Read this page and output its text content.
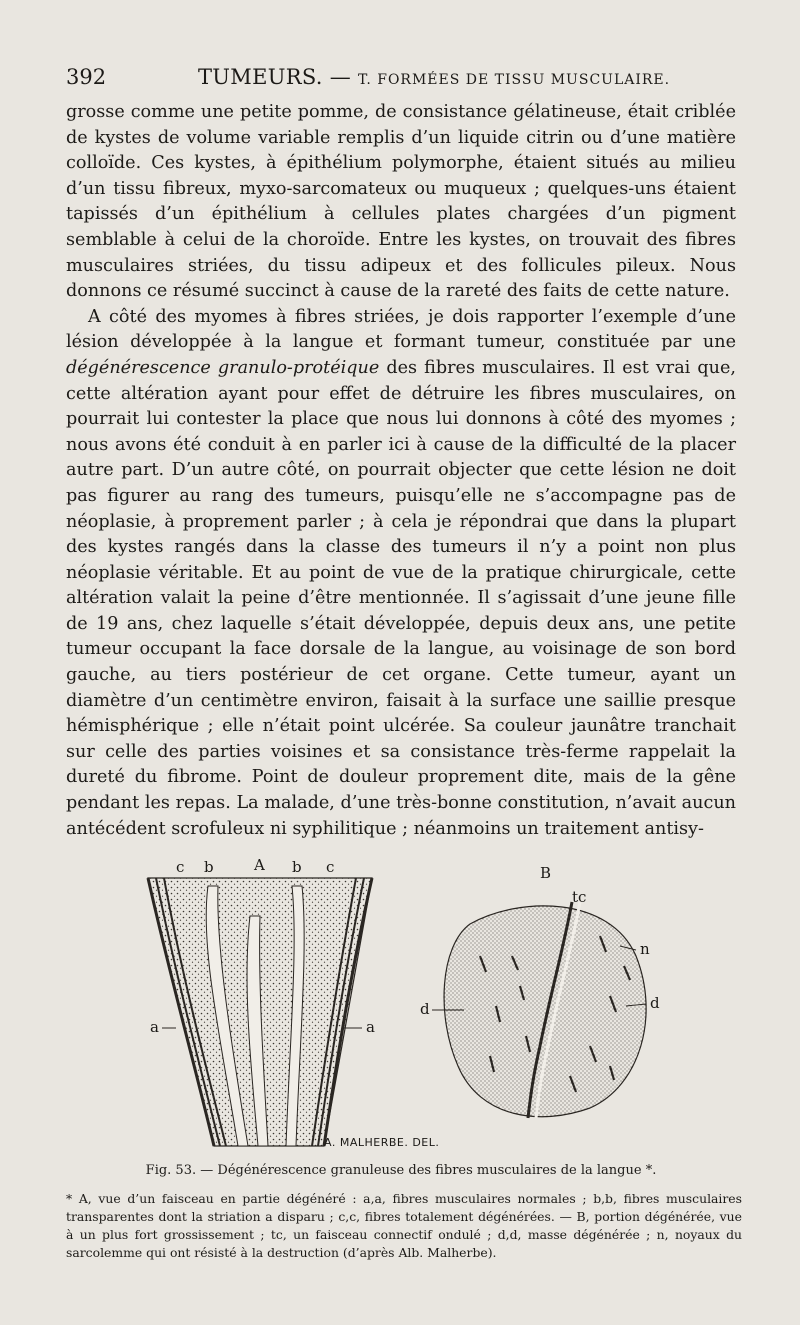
392	TUMEURS. — T. FORMÉES DE TISSU MUSCULAIRE.

grosse comme une petite pomme, de consistance gélatineuse, était criblée de kystes de volume variable remplis d’un liquide citrin ou d’une matière colloïde. Ces kystes, à épithélium polymorphe, étaient situés au milieu d’un tissu fibreux, myxo-sarcomateux ou muqueux ; quelques-uns étaient tapissés d’un épithélium à cellules plates chargées d’un pigment semblable à celui de la choroïde. Entre les kystes, on trouvait des fibres musculaires striées, du tissu adipeux et des follicules pileux. Nous donnons ce résumé succinct à cause de la rareté des faits de cette nature.

A côté des myomes à fibres striées, je dois rapporter l’exemple d’une lésion développée à la langue et formant tumeur, constituée par une dégénérescence granulo-protéique des fibres musculaires. Il est vrai que, cette altération ayant pour effet de détruire les fibres musculaires, on pourrait lui contester la place que nous lui donnons à côté des myomes ; nous avons été conduit à en parler ici à cause de la difficulté de la placer autre part. D’un autre côté, on pourrait objecter que cette lésion ne doit pas figurer au rang des tumeurs, puisqu’elle ne s’accompagne pas de néoplasie, à proprement parler ; à cela je répondrai que dans la plupart des kystes rangés dans la classe des tumeurs il n’y a point non plus néoplasie véritable. Et au point de vue de la pratique chirurgicale, cette altération valait la peine d’être mentionnée. Il s’agissait d’une jeune fille de 19 ans, chez laquelle s’était développée, depuis deux ans, une petite tumeur occupant la face dorsale de la langue, au voisinage de son bord gauche, au tiers postérieur de cet organe. Cette tumeur, ayant un diamètre d’un centimètre environ, faisait à la surface une saillie presque hémisphérique ; elle n’était point ulcérée. Sa couleur jaunâtre tranchait sur celle des parties voisines et sa consistance très-ferme rappelait la dureté du fibrome. Point de douleur proprement dite, mais de la gêne pendant les repas. La malade, d’une très-bonne constitution, n’avait aucun antécédent scrofuleux ni syphilitique ; néanmoins un traitement antisy-

c b	A b c
a	a
A. MALHERBE. DEL.
B
tc
n
d	d
Fig. 53. — Dégénérescence granuleuse des fibres musculaires de la langue *.
* A, vue d’un faisceau en partie dégénéré : a,a, fibres musculaires normales ; b,b, fibres musculaires transparentes dont la striation a disparu ; c,c, fibres totalement dégénérées. — B, portion dégénérée, vue à un plus fort grossissement ; tc, un faisceau connectif ondulé ; d,d, masse dégénérée ; n, noyaux du sarcolemme qui ont résisté à la destruction (d’après Alb. Malherbe).
